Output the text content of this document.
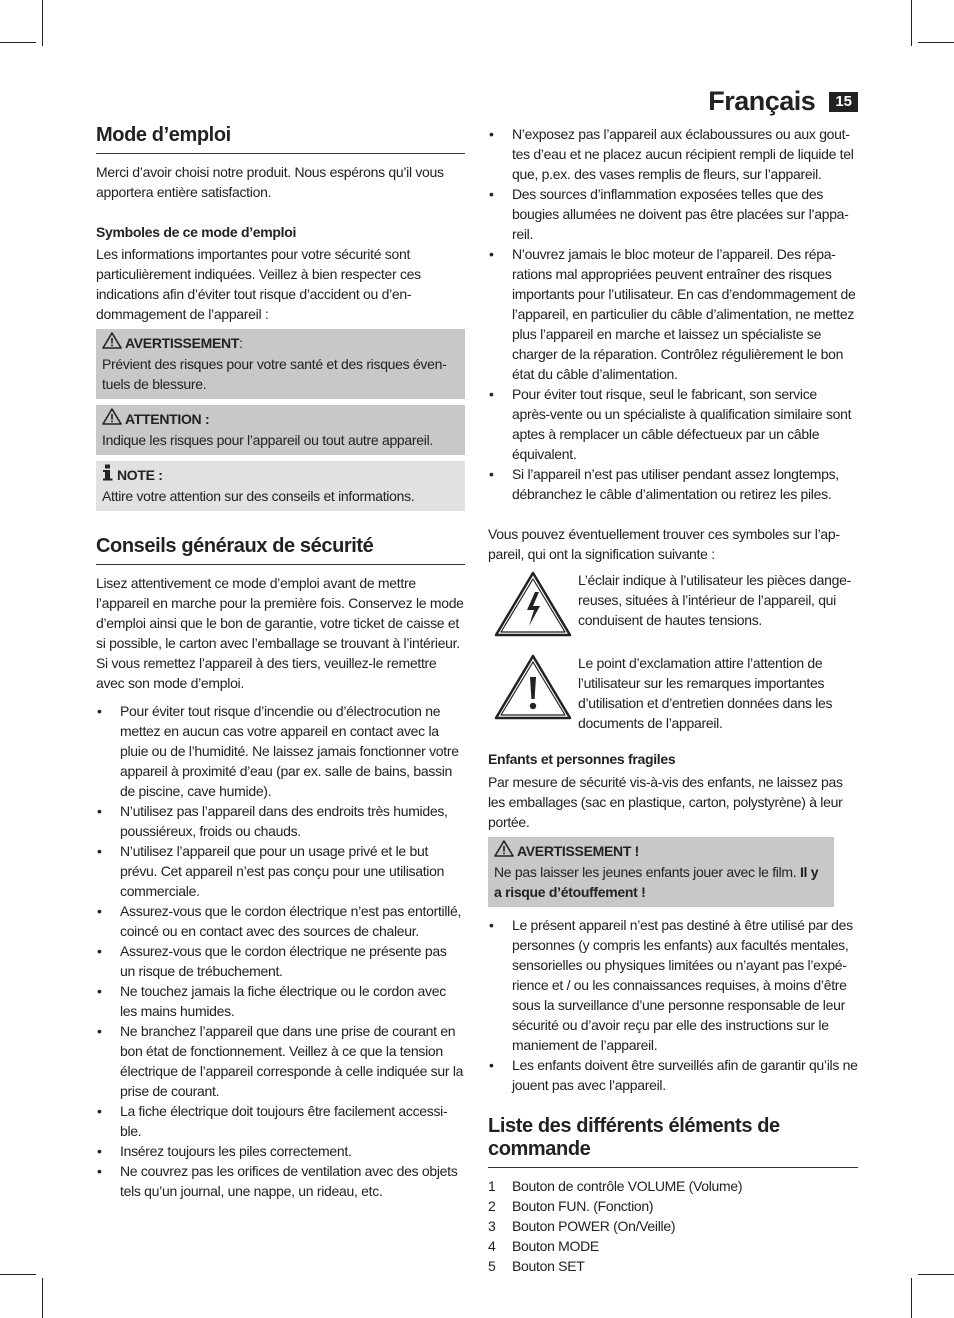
Français	15
Mode d’emploi

Merci d’avoir choisi notre produit. Nous espérons qu’il vous apportera entière satisfaction.

Symboles de ce mode d’emploi

Les informations importantes pour votre sécurité sont particulièrement indiquées. Veillez à bien respecter ces indications afin d’éviter tout risque d’accident ou d’en-dommagement de l’appareil :

AVERTISSEMENT :

Prévient des risques pour votre santé et des risques éven-tuels de blessure.

ATTENTION :

Indique les risques pour l’appareil ou tout autre appareil.

NOTE :

Attire votre attention sur des conseils et informations.

Conseils généraux de sécurité

Lisez attentivement ce mode d’emploi avant de mettre l’appareil en marche pour la première fois. Conservez le mode d’emploi ainsi que le bon de garantie, votre ticket de caisse et si possible, le carton avec l’emballage se trouvant à l’intérieur. Si vous remettez l’appareil à des tiers, veuillez-le remettre avec son mode d’emploi.

• Pour éviter tout risque d’incendie ou d’électrocution ne mettez en aucun cas votre appareil en contact avec la pluie ou de l’humidité. Ne laissez jamais fonctionner votre appareil à proximité d’eau (par ex. salle de bains, bassin de piscine, cave humide).
• N’utilisez pas l’appareil dans des endroits très humides, poussiéreux, froids ou chauds.
• N’utilisez l’appareil que pour un usage privé et le but prévu. Cet appareil n’est pas conçu pour une utilisation commerciale.
• Assurez-vous que le cordon électrique n’est pas entortillé, coincé ou en contact avec des sources de chaleur.
• Assurez-vous que le cordon électrique ne présente pas un risque de trébuchement.
• Ne touchez jamais la fiche électrique ou le cordon avec les mains humides.
• Ne branchez l’appareil que dans une prise de courant en bon état de fonctionnement. Veillez à ce que la tension électrique de l’appareil corresponde à celle indiquée sur la prise de courant.
• La fiche électrique doit toujours être facilement accessi-ble.
• Insérez toujours les piles correctement.
• Ne couvrez pas les orifices de ventilation avec des objets tels qu’un journal, une nappe, un rideau, etc.
• N’exposez pas l’appareil aux éclaboussures ou aux gout-tes d’eau et ne placez aucun récipient rempli de liquide tel que, p.ex. des vases remplis de fleurs, sur l’appareil.
• Des sources d’inflammation exposées telles que des bougies allumées ne doivent pas être placées sur l’appa-reil.
• N’ouvrez jamais le bloc moteur de l’appareil. Des répa-rations mal appropriées peuvent entraîner des risques importants pour l’utilisateur. En cas d’endommagement de l’appareil, en particulier du câble d’alimentation, ne mettez plus l’appareil en marche et laissez un spécialiste se charger de la réparation. Contrôlez régulièrement le bon état du câble d’alimentation.
• Pour éviter tout risque, seul le fabricant, son service après-vente ou un spécialiste à qualification similaire sont aptes à remplacer un câble défectueux par un câble équivalent.
• Si l’appareil n’est pas utiliser pendant assez longtemps, débranchez le câble d’alimentation ou retirez les piles.

Vous pouvez éventuellement trouver ces symboles sur l’ap-pareil, qui ont la signification suivante :

L’éclair indique à l’utilisateur les pièces dange-reuses, situées à l’intérieur de l’appareil, qui conduisent de hautes tensions.

Le point d’exclamation attire l’attention de l’utilisateur sur les remarques importantes d’utilisation et d’entretien données dans les documents de l’appareil.

Enfants et personnes fragiles

Par mesure de sécurité vis-à-vis des enfants, ne laissez pas les emballages (sac en plastique, carton, polystyrène) à leur portée.

AVERTISSEMENT !

Ne pas laisser les jeunes enfants jouer avec le film. Il y a risque d’étouffement !

• Le présent appareil n’est pas destiné à être utilisé par des personnes (y compris les enfants) aux facultés mentales, sensorielles ou physiques limitées ou n’ayant pas l’expé-rience et / ou les connaissances requises, à moins d’être sous la surveillance d’une personne responsable de leur sécurité ou d’avoir reçu par elle des instructions sur le maniement de l’appareil.
• Les enfants doivent être surveillés afin de garantir qu’ils ne jouent pas avec l’appareil.
Liste des différents éléments de commande
1	Bouton de contrôle VOLUME (Volume)
2	Bouton FUN. (Fonction)
3	Bouton POWER (On/Veille)
4	Bouton MODE
5	Bouton SET
